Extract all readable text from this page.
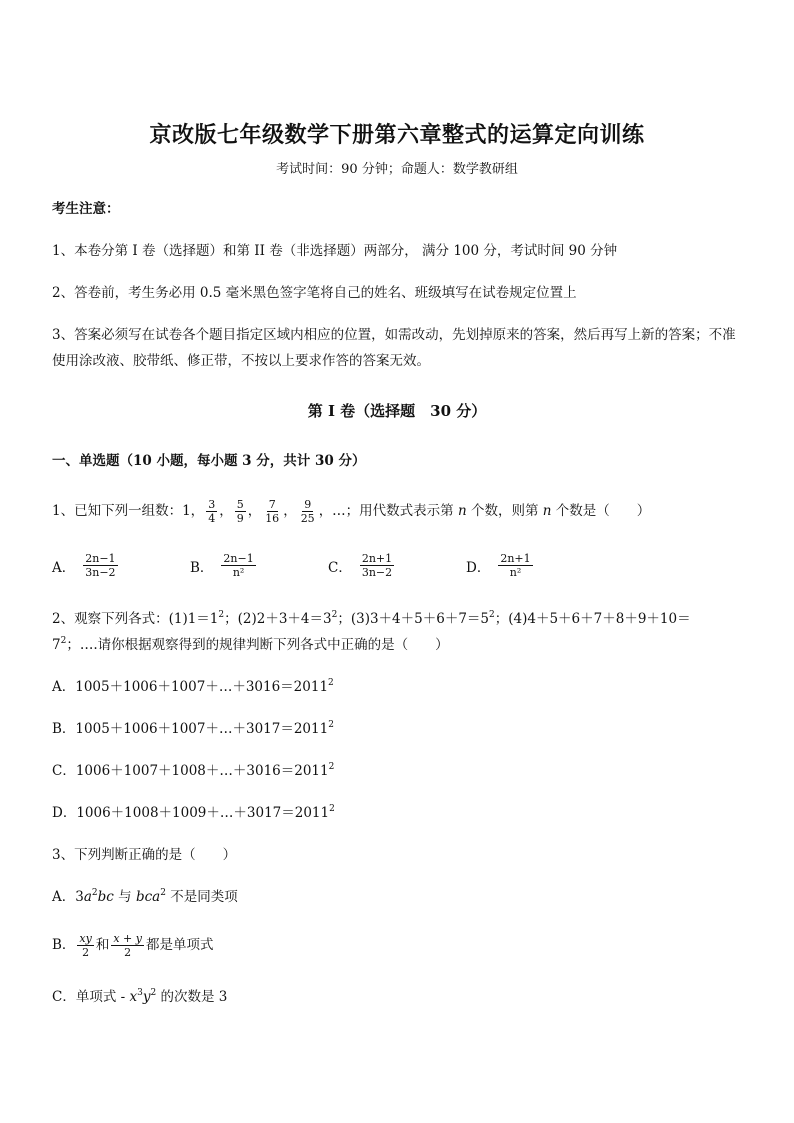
京改版七年级数学下册第六章整式的运算定向训练
考试时间：90 分钟；命题人：数学教研组
考生注意：
1、本卷分第 I 卷（选择题）和第 II 卷（非选择题）两部分， 满分 100 分，考试时间 90 分钟
2、答卷前，考生务必用 0.5 毫米黑色签字笔将自己的姓名、班级填写在试卷规定位置上
3、答案必须写在试卷各个题目指定区域内相应的位置，如需改动，先划掉原来的答案，然后再写上新的答案；不准使用涂改液、胶带纸、修正带，不按以上要求作答的答案无效。
第 I 卷（选择题　30 分）
一、单选题（10 小题，每小题 3 分，共计 30 分）
1、已知下列一组数：1， $\frac{3}{4}$ ， $\frac{5}{9}$ ， $\frac{7}{16}$ ， $\frac{9}{25}$ ，…；用代数式表示第 n 个数，则第 n 个数是（　　）
A． $\frac{2n-1}{3n-2}$	B． $\frac{2n-1}{\text{n²}}$	C． $\frac{2n+1}{3n-2}$	D． $\frac{2n+1}{\text{n²}}$
2、观察下列各式：$(1)1=1^2$；$(2)2+3+4=3^2$；$(3)3+4+5+6+7=5^2$；(4)4＋5＋6＋7＋8＋9＋10＝
$7^2$；….请你根据观察得到的规律判断下列各式中正确的是（　　）
A．$1005+1006+1007+\dots+3016=2011^2$
B．$1005+1006+1007+\dots+3017=2011^2$
C．$1006+1007+1008+\dots+3016=2011^2$
D．$1006+1008+1009+\dots+3017=2011^2$
3、下列判断正确的是（　　）
A．$3a^2bc$ 与 bca$^2$ 不是同类项
B． $\frac{xy}{2}$ 和 $\frac{x + y}{2}$ 都是单项式
C．单项式 - $x^3y^2$ 的次数是 3
